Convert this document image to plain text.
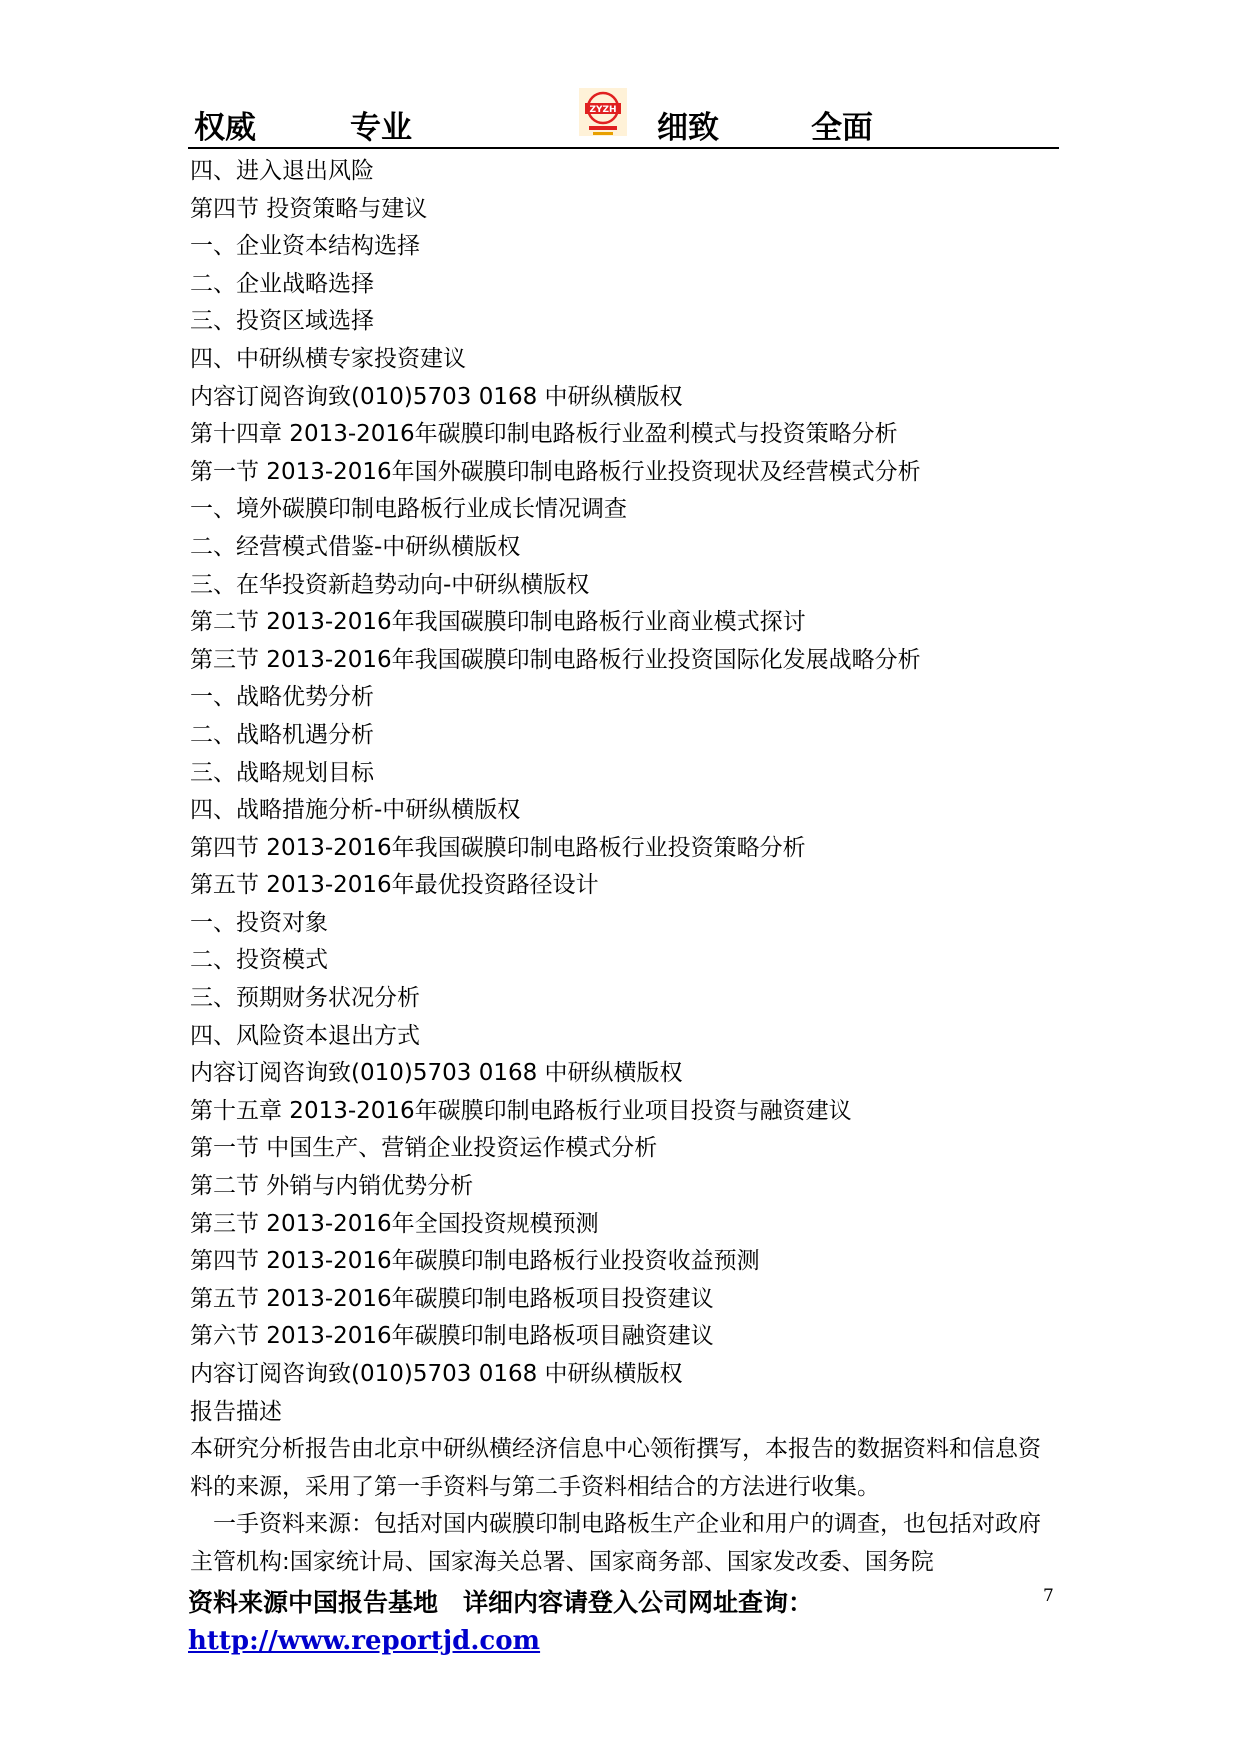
权威	专业	ZYZH 细致	全面
四、进入退出风险
第四节 投资策略与建议
一、企业资本结构选择
二、企业战略选择
三、投资区域选择
四、中研纵横专家投资建议
内容订阅咨询致(010)5703 0168 中研纵横版权
第十四章 2013-2016年碳膜印制电路板行业盈利模式与投资策略分析
第一节 2013-2016年国外碳膜印制电路板行业投资现状及经营模式分析
一、境外碳膜印制电路板行业成长情况调查
二、经营模式借鉴-中研纵横版权
三、在华投资新趋势动向-中研纵横版权
第二节 2013-2016年我国碳膜印制电路板行业商业模式探讨
第三节 2013-2016年我国碳膜印制电路板行业投资国际化发展战略分析
一、战略优势分析
二、战略机遇分析
三、战略规划目标
四、战略措施分析-中研纵横版权
第四节 2013-2016年我国碳膜印制电路板行业投资策略分析
第五节 2013-2016年最优投资路径设计
一、投资对象
二、投资模式
三、预期财务状况分析
四、风险资本退出方式
内容订阅咨询致(010)5703 0168 中研纵横版权
第十五章 2013-2016年碳膜印制电路板行业项目投资与融资建议
第一节 中国生产、营销企业投资运作模式分析
第二节 外销与内销优势分析
第三节 2013-2016年全国投资规模预测
第四节 2013-2016年碳膜印制电路板行业投资收益预测
第五节 2013-2016年碳膜印制电路板项目投资建议
第六节 2013-2016年碳膜印制电路板项目融资建议
内容订阅咨询致(010)5703 0168 中研纵横版权
报告描述
本研究分析报告由北京中研纵横经济信息中心领衔撰写，本报告的数据资料和信息资料的来源，采用了第一手资料与第二手资料相结合的方法进行收集。
一手资料来源：包括对国内碳膜印制电路板生产企业和用户的调查，也包括对政府主管机构:国家统计局、国家海关总署、国家商务部、国家发改委、国务院
7
资料来源中国报告基地　详细内容请登入公司网址查询：
http://www.reportjd.com
